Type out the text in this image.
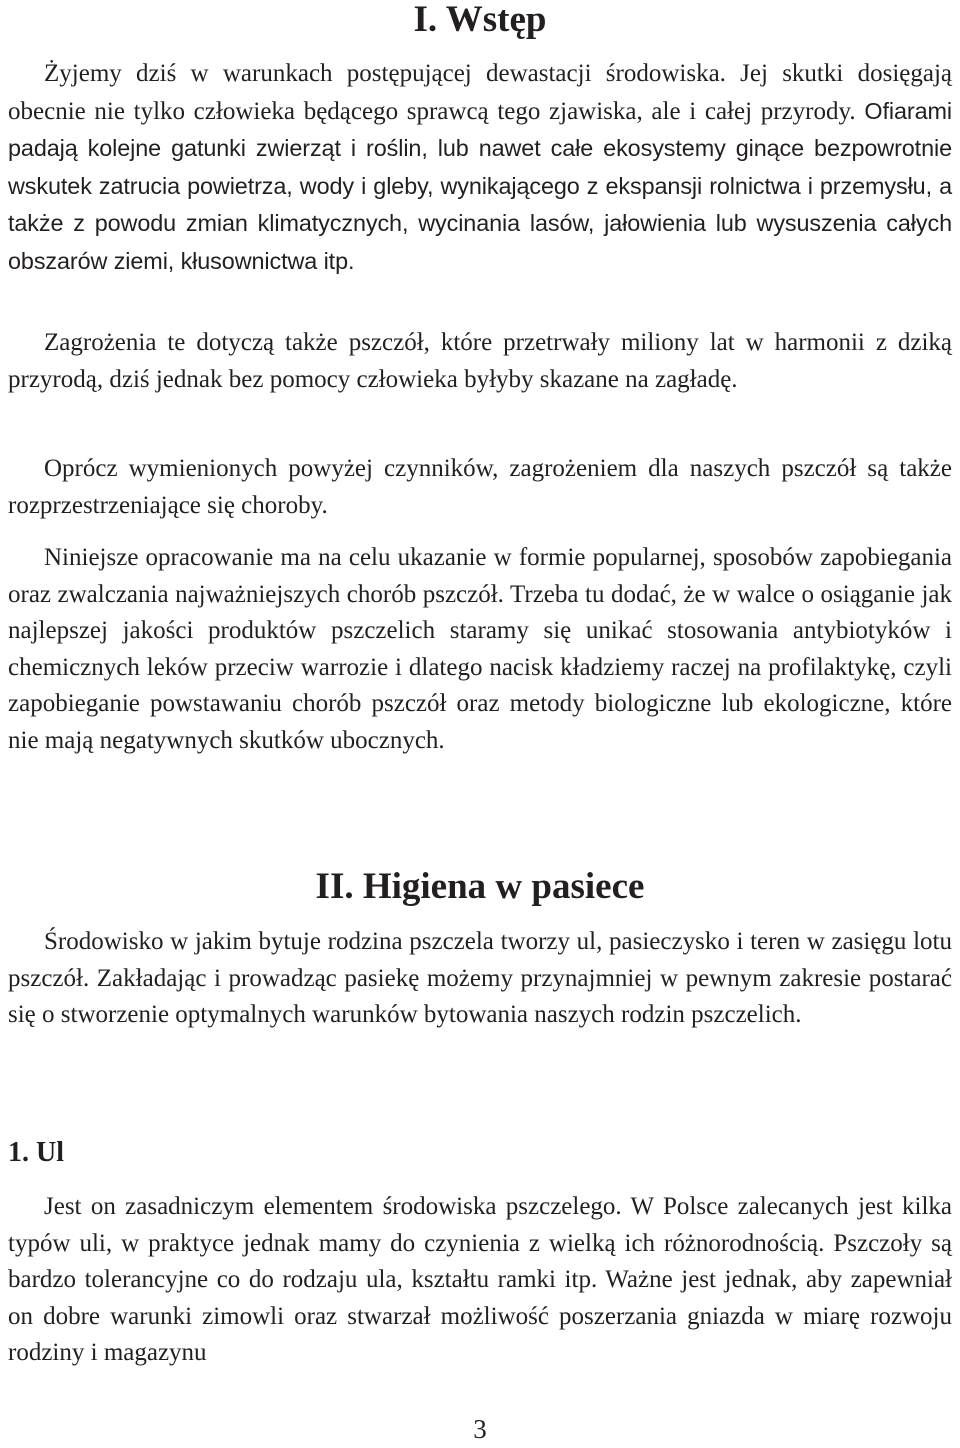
I. Wstęp

Żyjemy dziś w warunkach postępującej dewastacji środowiska. Jej skutki dosięgają obecnie nie tylko człowieka będącego sprawcą tego zjawiska, ale i całej przyrody. Ofiarami padają kolejne gatunki zwierząt i roślin, lub nawet całe ekosystemy ginące bezpowrotnie wskutek zatrucia powietrza, wody i gleby, wynikającego z ekspansji rolnictwa i przemysłu, a także z powodu zmian klimatycznych, wycinania lasów, jałowienia lub wysuszenia całych obszarów ziemi, kłusownictwa itp.

Zagrożenia te dotyczą także pszczół, które przetrwały miliony lat w harmonii z dziką przyrodą, dziś jednak bez pomocy człowieka byłyby skazane na zagładę.

Oprócz wymienionych powyżej czynników, zagrożeniem dla naszych pszczół są także rozprzestrzeniające się choroby.

Niniejsze opracowanie ma na celu ukazanie w formie popularnej, sposobów zapobiegania oraz zwalczania najważniejszych chorób pszczół. Trzeba tu dodać, że w walce o osiąganie jak najlepszej jakości produktów pszczelich staramy się unikać stosowania antybiotyków i chemicznych leków przeciw warrozie i dlatego nacisk kładziemy raczej na profilaktykę, czyli zapobieganie powstawaniu chorób pszczół oraz metody biologiczne lub ekologiczne, które nie mają negatywnych skutków ubocznych.

II. Higiena w pasiece

Środowisko w jakim bytuje rodzina pszczela tworzy ul, pasieczysko i teren w zasięgu lotu pszczół. Zakładając i prowadząc pasiekę możemy przynajmniej w pewnym zakresie postarać się o stworzenie optymalnych warunków bytowania naszych rodzin pszczelich.

1. Ul

Jest on zasadniczym elementem środowiska pszczelego. W Polsce zalecanych jest kilka typów uli, w praktyce jednak mamy do czynienia z wielką ich różnorodnością. Pszczoły są bardzo tolerancyjne co do rodzaju ula, kształtu ramki itp. Ważne jest jednak, aby zapewniał on dobre warunki zimowli oraz stwarzał możliwość poszerzania gniazda w miarę rozwoju rodziny i magazynu

3
